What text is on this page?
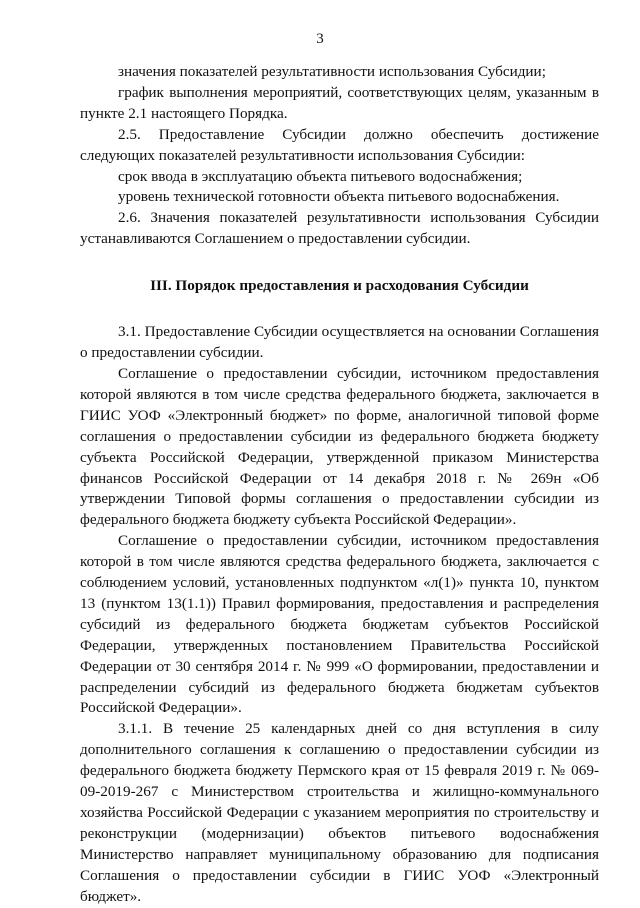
3

значения показателей результативности использования Субсидии;

график выполнения мероприятий, соответствующих целям, указанным в пункте 2.1 настоящего Порядка.

2.5. Предоставление Субсидии должно обеспечить достижение следующих показателей результативности использования Субсидии:

срок ввода в эксплуатацию объекта питьевого водоснабжения;

уровень технической готовности объекта питьевого водоснабжения.

2.6. Значения показателей результативности использования Субсидии устанавливаются Соглашением о предоставлении субсидии.

III. Порядок предоставления и расходования Субсидии

3.1. Предоставление Субсидии осуществляется на основании Соглашения о предоставлении субсидии.

Соглашение о предоставлении субсидии, источником предоставления которой являются в том числе средства федерального бюджета, заключается в ГИИС УОФ «Электронный бюджет» по форме, аналогичной типовой форме соглашения о предоставлении субсидии из федерального бюджета бюджету субъекта Российской Федерации, утвержденной приказом Министерства финансов Российской Федерации от 14 декабря 2018 г. № 269н «Об утверждении Типовой формы соглашения о предоставлении субсидии из федерального бюджета бюджету субъекта Российской Федерации».

Соглашение о предоставлении субсидии, источником предоставления которой в том числе являются средства федерального бюджета, заключается с соблюдением условий, установленных подпунктом «л(1)» пункта 10, пунктом 13 (пунктом 13(1.1)) Правил формирования, предоставления и распределения субсидий из федерального бюджета бюджетам субъектов Российской Федерации, утвержденных постановлением Правительства Российской Федерации от 30 сентября 2014 г. № 999 «О формировании, предоставлении и распределении субсидий из федерального бюджета бюджетам субъектов Российской Федерации».

3.1.1. В течение 25 календарных дней со дня вступления в силу дополнительного соглашения к соглашению о предоставлении субсидии из федерального бюджета бюджету Пермского края от 15 февраля 2019 г. № 069-09-2019-267 с Министерством строительства и жилищно-коммунального хозяйства Российской Федерации с указанием мероприятия по строительству и реконструкции (модернизации) объектов питьевого водоснабжения Министерство направляет муниципальному образованию для подписания Соглашения о предоставлении субсидии в ГИИС УОФ «Электронный бюджет».
